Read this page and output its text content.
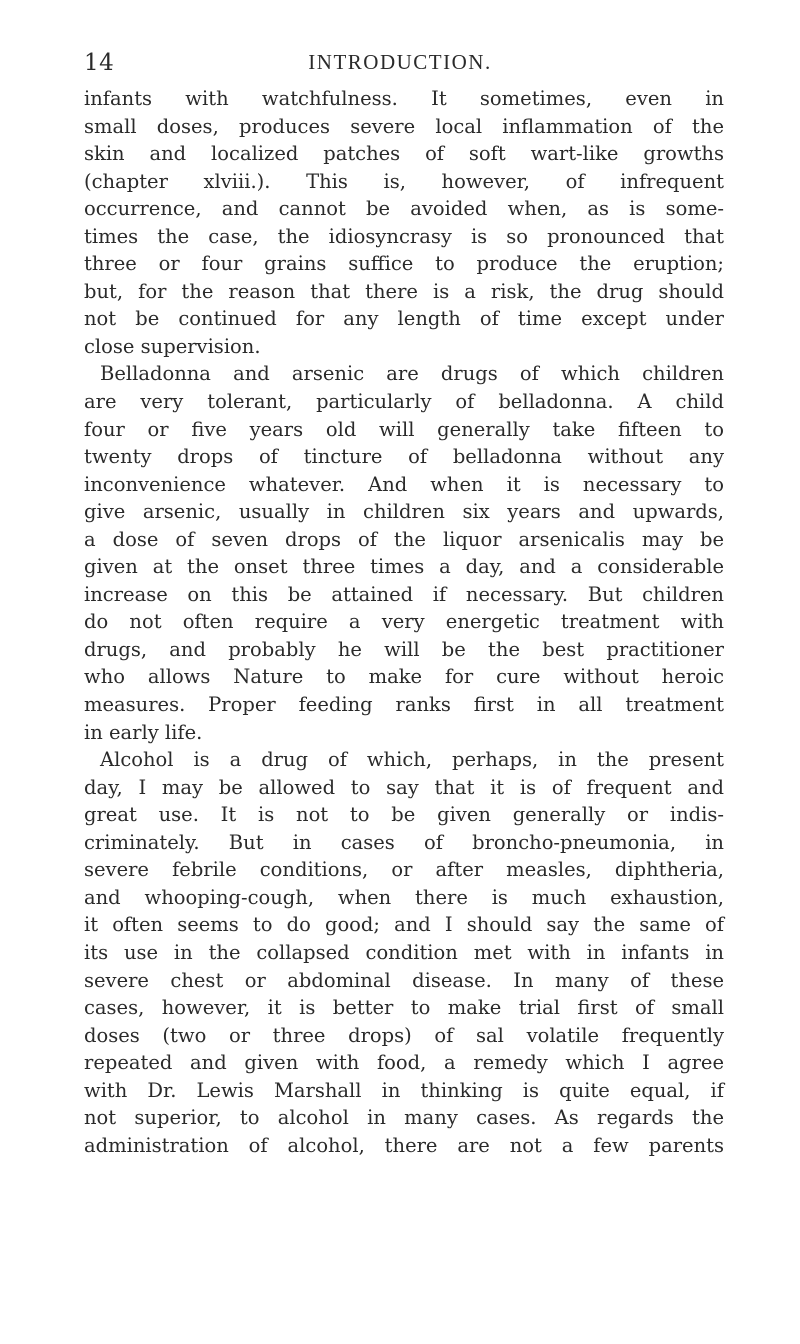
14	INTRODUCTION.
infants with watchfulness. It sometimes, even in
small doses, produces severe local inflammation of the
skin and localized patches of soft wart-like growths
(chapter xlviii.). This is, however, of infrequent
occurrence, and cannot be avoided when, as is some-
times the case, the idiosyncrasy is so pronounced that
three or four grains suffice to produce the eruption;
but, for the reason that there is a risk, the drug should
not be continued for any length of time except under
close supervision.
Belladonna and arsenic are drugs of which children
are very tolerant, particularly of belladonna. A child
four or five years old will generally take fifteen to
twenty drops of tincture of belladonna without any
inconvenience whatever. And when it is necessary to
give arsenic, usually in children six years and upwards,
a dose of seven drops of the liquor arsenicalis may be
given at the onset three times a day, and a considerable
increase on this be attained if necessary. But children
do not often require a very energetic treatment with
drugs, and probably he will be the best practitioner
who allows Nature to make for cure without heroic
measures. Proper feeding ranks first in all treatment
in early life.
Alcohol is a drug of which, perhaps, in the present
day, I may be allowed to say that it is of frequent and
great use. It is not to be given generally or indis-
criminately. But in cases of broncho-pneumonia, in
severe febrile conditions, or after measles, diphtheria,
and whooping-cough, when there is much exhaustion,
it often seems to do good; and I should say the same of
its use in the collapsed condition met with in infants in
severe chest or abdominal disease. In many of these
cases, however, it is better to make trial first of small
doses (two or three drops) of sal volatile frequently
repeated and given with food, a remedy which I agree
with Dr. Lewis Marshall in thinking is quite equal, if
not superior, to alcohol in many cases. As regards the
administration of alcohol, there are not a few parents
